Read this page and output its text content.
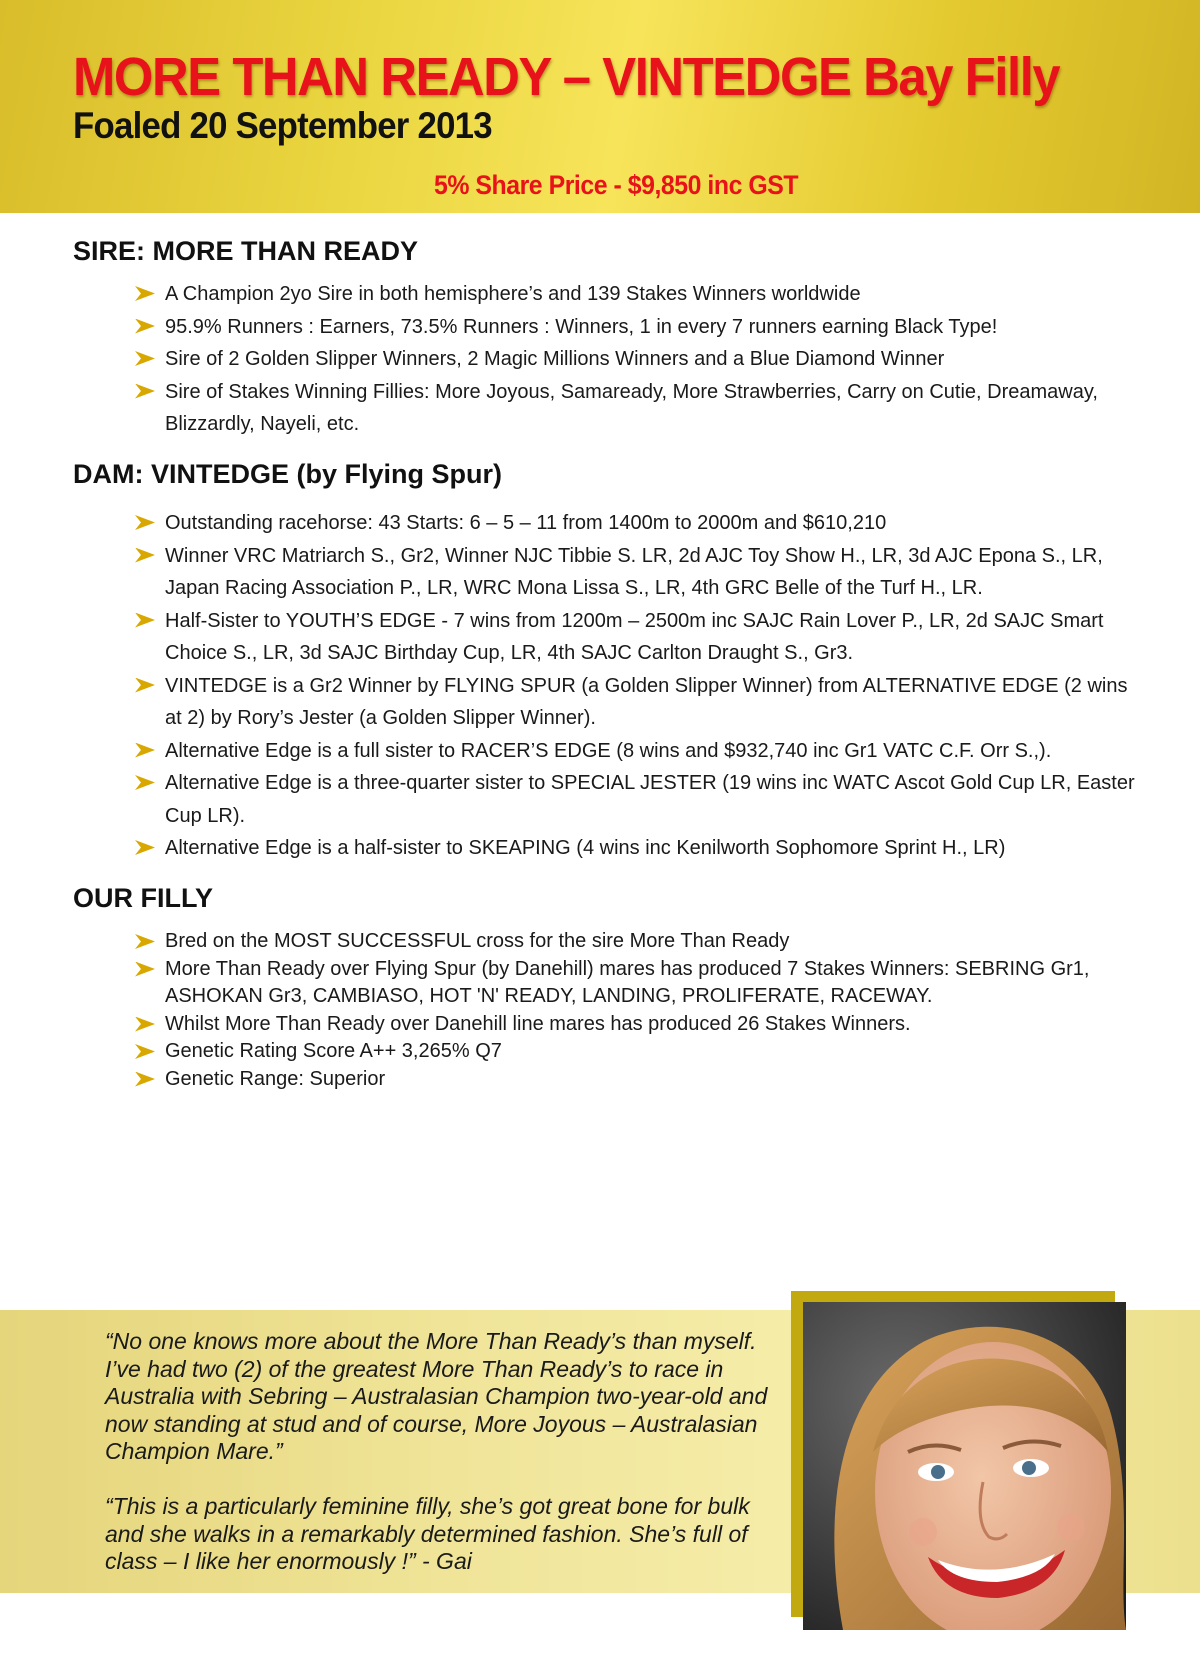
MORE THAN READY – VINTEDGE Bay Filly
Foaled 20 September 2013
5% Share Price - $9,850 inc GST
SIRE: MORE THAN READY
A Champion 2yo Sire in both hemisphere’s and 139 Stakes Winners worldwide
95.9% Runners : Earners, 73.5% Runners : Winners, 1 in every 7 runners earning Black Type!
Sire of 2 Golden Slipper Winners, 2 Magic Millions Winners and a Blue Diamond Winner
Sire of Stakes Winning Fillies: More Joyous, Samaready, More Strawberries, Carry on Cutie, Dreamaway, Blizzardly, Nayeli, etc.
DAM: VINTEDGE (by Flying Spur)
Outstanding racehorse: 43 Starts: 6 – 5 – 11 from 1400m to 2000m and $610,210
Winner VRC Matriarch S., Gr2, Winner NJC Tibbie S. LR, 2d AJC Toy Show H., LR, 3d AJC Epona S., LR, Japan Racing Association P., LR, WRC Mona Lissa S., LR, 4th GRC Belle of the Turf H., LR.
Half-Sister to YOUTH’S EDGE - 7 wins from 1200m – 2500m inc SAJC Rain Lover P., LR, 2d SAJC Smart Choice S., LR, 3d SAJC Birthday Cup, LR, 4th SAJC Carlton Draught S., Gr3.
VINTEDGE is a Gr2 Winner by FLYING SPUR (a Golden Slipper Winner) from ALTERNATIVE EDGE (2 wins at 2) by Rory’s Jester (a Golden Slipper Winner).
Alternative Edge is a full sister to RACER’S EDGE (8 wins and $932,740 inc Gr1 VATC C.F. Orr S.,).
Alternative Edge is a three-quarter sister to SPECIAL JESTER (19 wins inc WATC Ascot Gold Cup LR, Easter Cup LR).
Alternative Edge is a half-sister to SKEAPING (4 wins inc Kenilworth Sophomore Sprint H., LR)
OUR FILLY
Bred on the MOST SUCCESSFUL cross for the sire More Than Ready
More Than Ready over Flying Spur (by Danehill) mares has produced 7 Stakes Winners: SEBRING Gr1, ASHOKAN Gr3, CAMBIASO, HOT 'N' READY, LANDING, PROLIFERATE, RACEWAY.
Whilst More Than Ready over Danehill line mares has produced 26 Stakes Winners.
Genetic Rating Score A++ 3,265% Q7
Genetic Range: Superior

“No one knows more about the More Than Ready’s than myself. I’ve had two (2) of the greatest More Than Ready’s to race in Australia with Sebring – Australasian Champion two-year-old and now standing at stud and of course, More Joyous – Australasian Champion Mare.”

“This is a particularly feminine filly, she’s got great bone for bulk and she walks in a remarkably determined fashion. She’s full of class – I like her enormously !” - Gai
